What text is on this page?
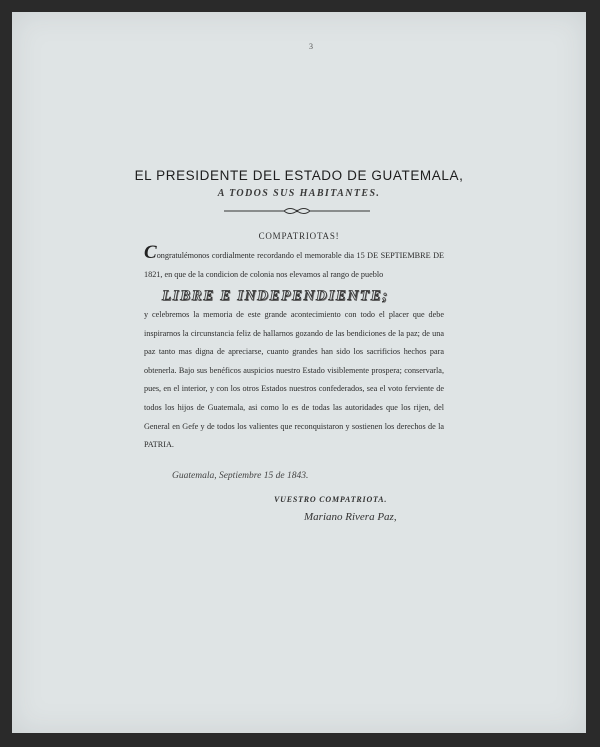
3
EL PRESIDENTE DEL ESTADO DE GUATEMALA,
A TODOS SUS HABITANTES.
COMPATRIOTAS!
Congratulémonos cordialmente recordando el memorable dia 15 DE SEPTIEMBRE DE 1821, en que de la condicion de colonia nos elevamos al rango de pueblo
LIBRE E INDEPENDIENTE;
y celebremos la memoria de este grande acontecimiento con todo el placer que debe inspirarnos la circunstancia feliz de hallarnos gozando de las bendiciones de la paz; de una paz tanto mas digna de apreciarse, cuanto grandes han sido los sacrificios hechos para obtenerla. Bajo sus benéficos auspicios nuestro Estado visiblemente prospera; conservarla, pues, en el interior, y con los otros Estados nuestros confederados, sea el voto ferviente de todos los hijos de Guatemala, asi como lo es de todas las autoridades que los rijen, del General en Gefe y de todos los valientes que reconquistaron y sostienen los derechos de la PATRIA.
Guatemala, Septiembre 15 de 1843.
VUESTRO COMPATRIOTA.
Mariano Rivera Paz,
